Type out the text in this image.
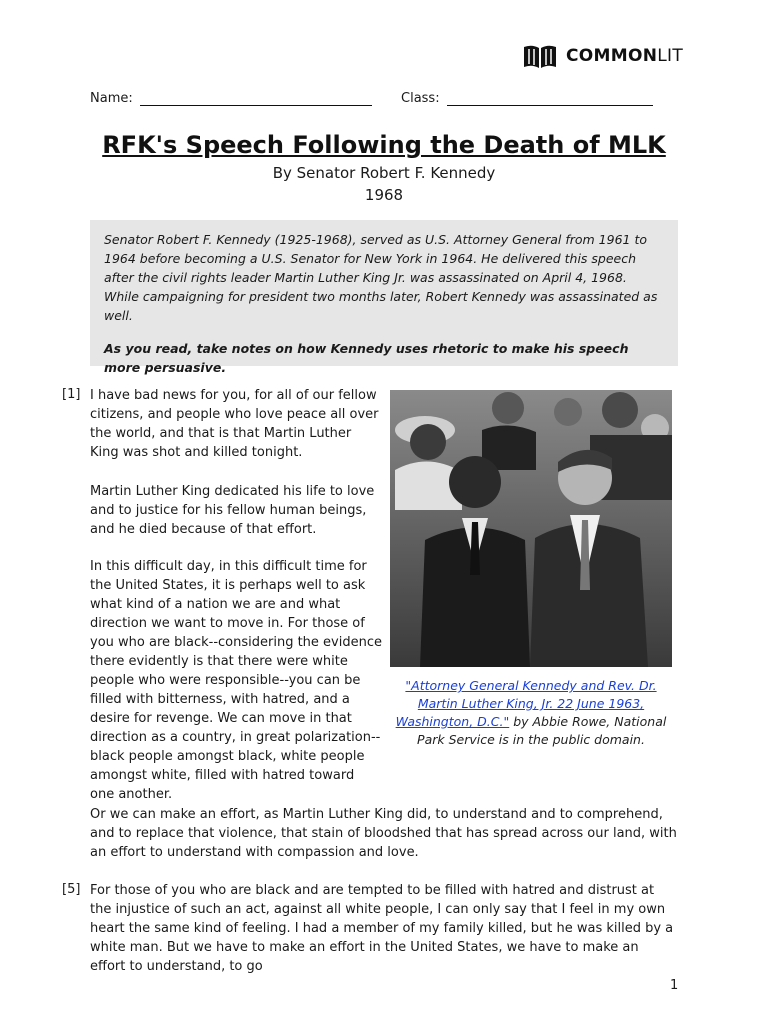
COMMONLIT
Name:	Class:
RFK's Speech Following the Death of MLK
By Senator Robert F. Kennedy
1968

Senator Robert F. Kennedy (1925-1968), served as U.S. Attorney General from 1961 to 1964 before becoming a U.S. Senator for New York in 1964. He delivered this speech after the civil rights leader Martin Luther King Jr. was assassinated on April 4, 1968. While campaigning for president two months later, Robert Kennedy was assassinated as well.

As you read, take notes on how Kennedy uses rhetoric to make his speech more persuasive.

[1]
[5]

I have bad news for you, for all of our fellow citizens, and people who love peace all over the world, and that is that Martin Luther King was shot and killed tonight.

Martin Luther King dedicated his life to love and to justice for his fellow human beings, and he died because of that effort.

In this difficult day, in this difficult time for the United States, it is perhaps well to ask what kind of a nation we are and what direction we want to move in. For those of you who are black--considering the evidence there evidently is that there were white people who were responsible--you can be filled with bitterness, with hatred, and a desire for revenge. We can move in that direction as a country, in great polarization--black people amongst black, white people amongst white, filled with hatred toward one another.

Or we can make an effort, as Martin Luther King did, to understand and to comprehend, and to replace that violence, that stain of bloodshed that has spread across our land, with an effort to understand with compassion and love.

For those of you who are black and are tempted to be filled with hatred and distrust at the injustice of such an act, against all white people, I can only say that I feel in my own heart the same kind of feeling. I had a member of my family killed, but he was killed by a white man. But we have to make an effort in the United States, we have to make an effort to understand, to go

"Attorney General Kennedy and Rev. Dr. Martin Luther King, Jr. 22 June 1963, Washington, D.C." by Abbie Rowe, National Park Service is in the public domain.
1
